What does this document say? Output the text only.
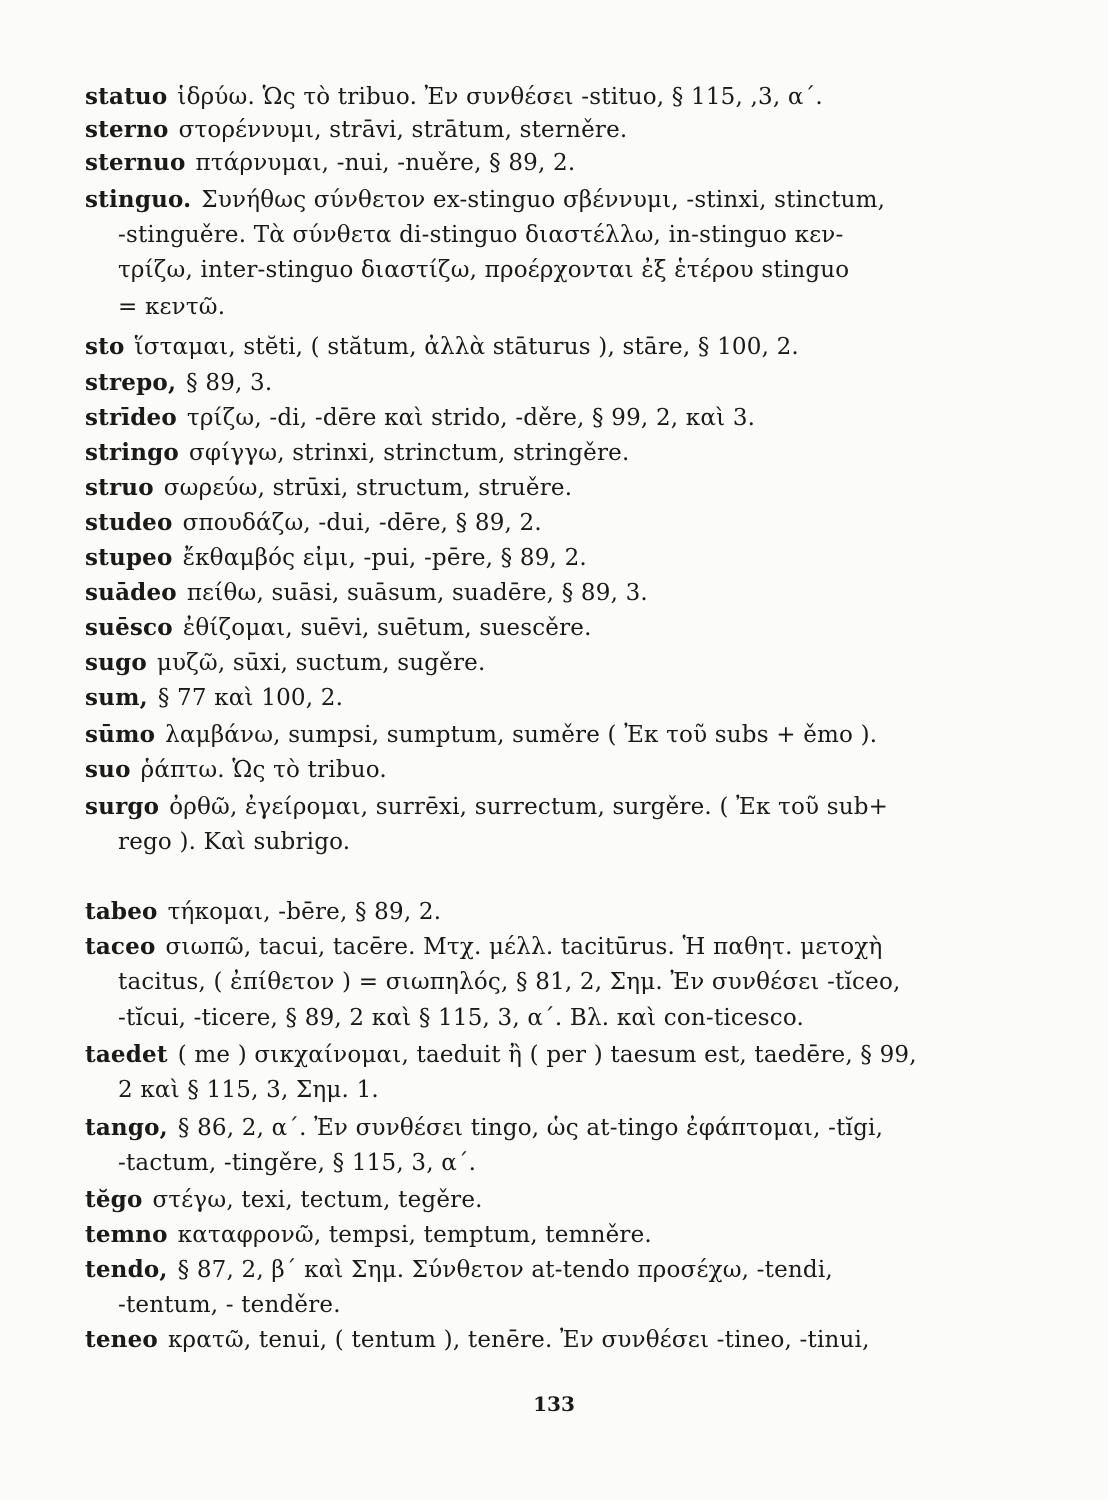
statuo ἱδρύω. Ὡς τὸ tribuo. Ἐν συνθέσει -stituo, § 115, ,3, α΄.
sterno στορέννυμι, strāvi, strātum, sterněre.
sternuo πτάρνυμαι, -nui, -nuěre, § 89, 2.
stinguo. Συνήθως σύνθετον ex-stinguo σβέννυμι, -stinxi, stinctum,
-stinguěre. Τὰ σύνθετα di-stinguo διαστέλλω, in-stinguo κεν-
τρίζω, inter-stinguo διαστίζω, προέρχονται ἐξ ἑτέρου stinguo
= κεντῶ.
sto ἵσταμαι, stĕti, ( stătum, ἀλλὰ stāturus ), stāre, § 100, 2.
strepo, § 89, 3.
strīdeo τρίζω, -di, -dēre καὶ strido, -děre, § 99, 2, καὶ 3.
stringo σφίγγω, strinxi, strinctum, stringěre.
struo σωρεύω, strūxi, structum, struěre.
studeo σπουδάζω, -dui, -dēre, § 89, 2.
stupeo ἔκθαμβός εἰμι, -pui, -pēre, § 89, 2.
suādeo πείθω, suāsi, suāsum, suadēre, § 89, 3.
suēsco ἐθίζομαι, suēvi, suētum, suescěre.
sugo μυζῶ, sūxi, suctum, sugěre.
sum, § 77 καὶ 100, 2.
sūmo λαμβάνω, sumpsi, sumptum, suměre ( Ἐκ τοῦ subs + ěmo ).
suo ῥάπτω. Ὡς τὸ tribuo.
surgo ὀρθῶ, ἐγείρομαι, surrēxi, surrectum, surgěre. ( Ἐκ τοῦ sub+
rego ). Καὶ subrigo.
tabeo τήκομαι, -bēre, § 89, 2.
taceo σιωπῶ, tacui, tacēre. Μτχ. μέλλ. tacitūrus. Ἡ παθητ. μετοχὴ
tacitus, ( ἐπίθετον ) = σιωπηλός, § 81, 2, Σημ. Ἐν συνθέσει -tĭceo,
-tĭcui, -ticere, § 89, 2 καὶ § 115, 3, α΄. Βλ. καὶ con-ticesco.
taedet ( me ) σικχαίνομαι, taeduit ἢ ( per ) taesum est, taedēre, § 99,
2 καὶ § 115, 3, Σημ. 1.
tango, § 86, 2, α΄. Ἐν συνθέσει tingo, ὡς at-tingo ἐφάπτομαι, -tĭgi,
-tactum, -tingěre, § 115, 3, α΄.
tĕgo στέγω, texi, tectum, tegěre.
temno καταφρονῶ, tempsi, temptum, temněre.
tendo, § 87, 2, β΄ καὶ Σημ. Σύνθετον at-tendo προσέχω, -tendi,
-tentum, - tenděre.
teneo κρατῶ, tenui, ( tentum ), tenēre. Ἐν συνθέσει -tineo, -tinui,
133
